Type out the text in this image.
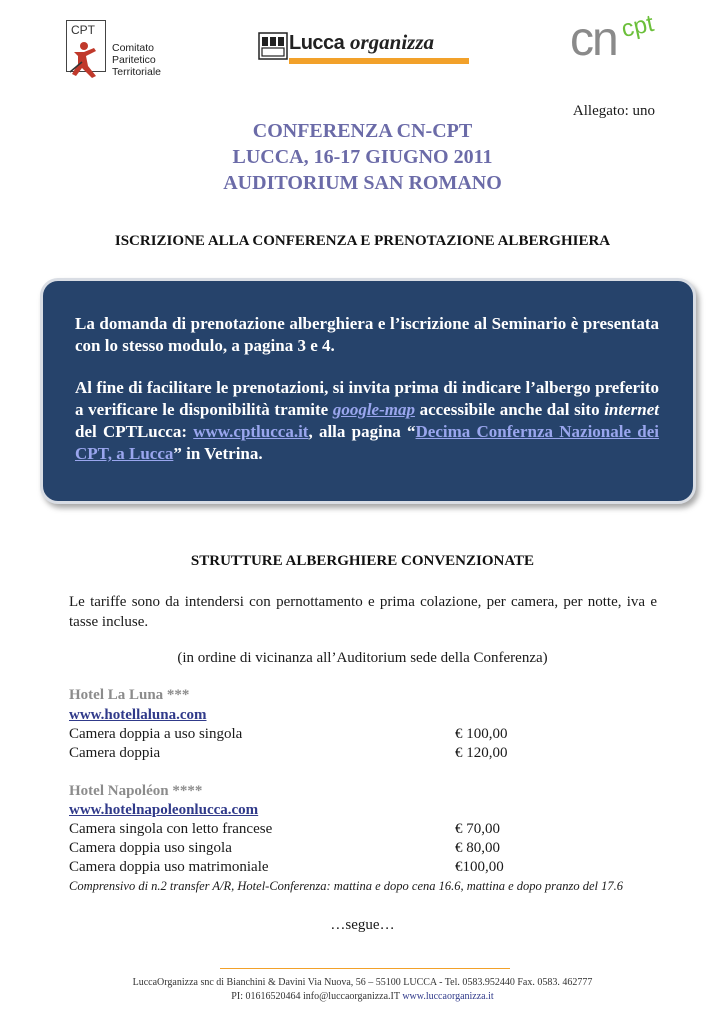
CPT
Comitato
Paritetico
Territoriale
Lucca organizza	cn cpt
Allegato: uno
CONFERENZA CN-CPT
LUCCA, 16-17 GIUGNO 2011
AUDITORIUM SAN ROMANO
ISCRIZIONE ALLA CONFERENZA E PRENOTAZIONE ALBERGHIERA
La domanda di prenotazione alberghiera e l’iscrizione al Seminario è presentata con lo stesso modulo, a pagina 3 e 4.
Al fine di facilitare le prenotazioni, si invita prima di indicare l’albergo preferito a verificare le disponibilità tramite google-map accessibile anche dal sito internet del CPTLucca: www.cptlucca.it, alla pagina “Decima Confernza Nazionale dei CPT, a Lucca” in Vetrina.
STRUTTURE ALBERGHIERE CONVENZIONATE
Le tariffe sono da intendersi con pernottamento e prima colazione, per camera, per notte, iva e tasse incluse.
(in ordine di vicinanza all’Auditorium sede della Conferenza)
Hotel La Luna ***
www.hotellaluna.com
Camera doppia a uso singola	€ 100,00
Camera doppia	€ 120,00
Hotel Napoléon ****
www.hotelnapoleonlucca.com
Camera singola con letto francese	€ 70,00
Camera doppia uso singola	€ 80,00
Camera doppia uso matrimoniale	€100,00
Comprensivo di n.2 transfer A/R, Hotel-Conferenza: mattina e dopo cena 16.6, mattina e dopo pranzo del 17.6
…segue…
LuccaOrganizza snc di Bianchini & Davini Via Nuova, 56 – 55100 LUCCA - Tel. 0583.952440 Fax. 0583. 462777
PI: 01616520464 info@luccaorganizza.IT www.luccaorganizza.it
